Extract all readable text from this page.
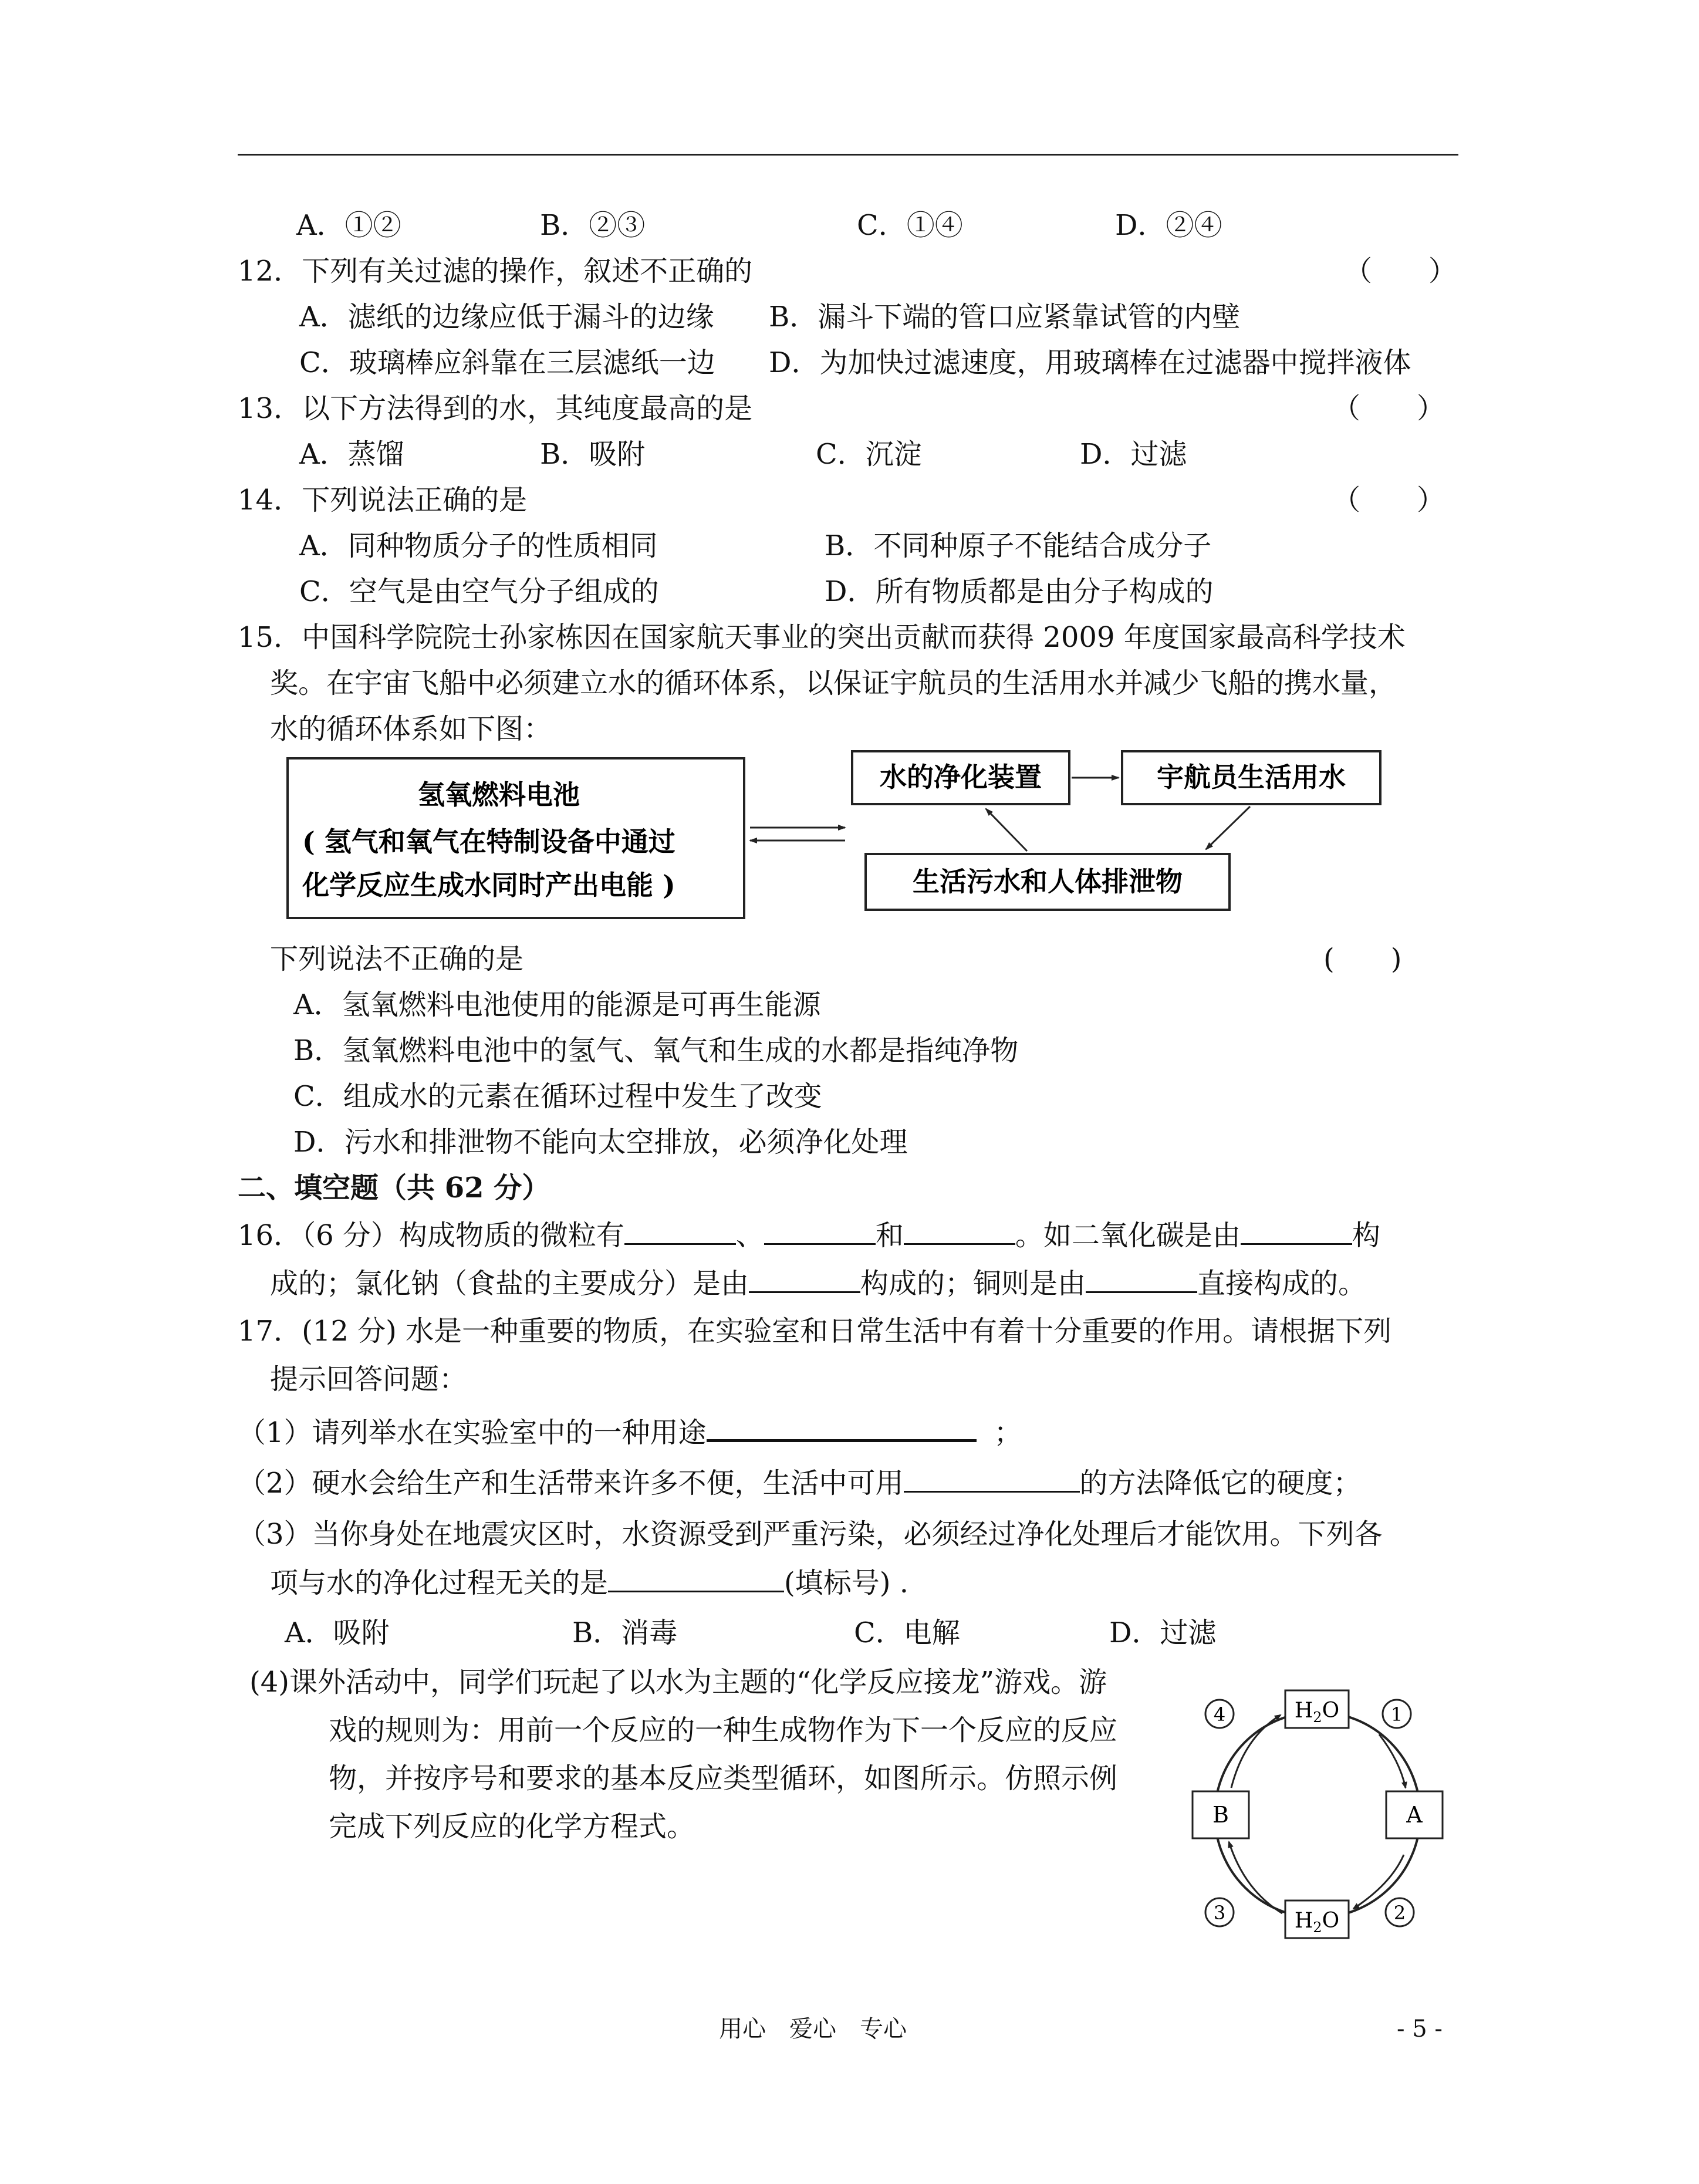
A．①②	B．②③	C．①④	D．②④
12．下列有关过滤的操作，叙述不正确的	（　　）
A．滤纸的边缘应低于漏斗的边缘 B．漏斗下端的管口应紧靠试管的内壁
C．玻璃棒应斜靠在三层滤纸一边 D．为加快过滤速度，用玻璃棒在过滤器中搅拌液体
13．以下方法得到的水，其纯度最高的是	（　　）
A．蒸馏	B．吸附	C．沉淀	D．过滤
14．下列说法正确的是	（　　）
A．同种物质分子的性质相同	B．不同种原子不能结合成分子
C．空气是由空气分子组成的	D．所有物质都是由分子构成的
15．中国科学院院士孙家栋因在国家航天事业的突出贡献而获得 2009 年度国家最高科学技术
奖。在宇宙飞船中必须建立水的循环体系，以保证宇航员的生活用水并减少飞船的携水量，
水的循环体系如下图：
氢氧燃料电池
( 氢气和氧气在特制设备中通过
化学反应生成水同时产出电能 )
水的净化装置	宇航员生活用水
生活污水和人体排泄物
下列说法不正确的是	(　　)
A．氢氧燃料电池使用的能源是可再生能源
B．氢氧燃料电池中的氢气、氧气和生成的水都是指纯净物
C．组成水的元素在循环过程中发生了改变
D．污水和排泄物不能向太空排放，必须净化处理
二、填空题（共 62 分）
16．（6 分）构成物质的微粒有	、	和	。如二氧化碳是由	构
成的；氯化钠（食盐的主要成分）是由	构成的；铜则是由	直接构成的。
17．(12 分) 水是一种重要的物质，在实验室和日常生活中有着十分重要的作用。请根据下列
提示回答问题：
（1）请列举水在实验室中的一种用途	；
（2）硬水会给生产和生活带来许多不便，生活中可用	的方法降低它的硬度；
（3）当你身处在地震灾区时，水资源受到严重污染，必须经过净化处理后才能饮用。下列各
项与水的净化过程无关的是	(填标号) .
A．吸附	B．消毒	C．电解	D．过滤
(4)课外活动中，同学们玩起了以水为主题的“化学反应接龙”游戏。游
戏的规则为：用前一个反应的一种生成物作为下一个反应的反应
物，并按序号和要求的基本反应类型循环，如图所示。仿照示例
完成下列反应的化学方程式。
$H_2O$
$H_2O$
A
B
1
2
3
4
用心　爱心　专心	- 5 -
